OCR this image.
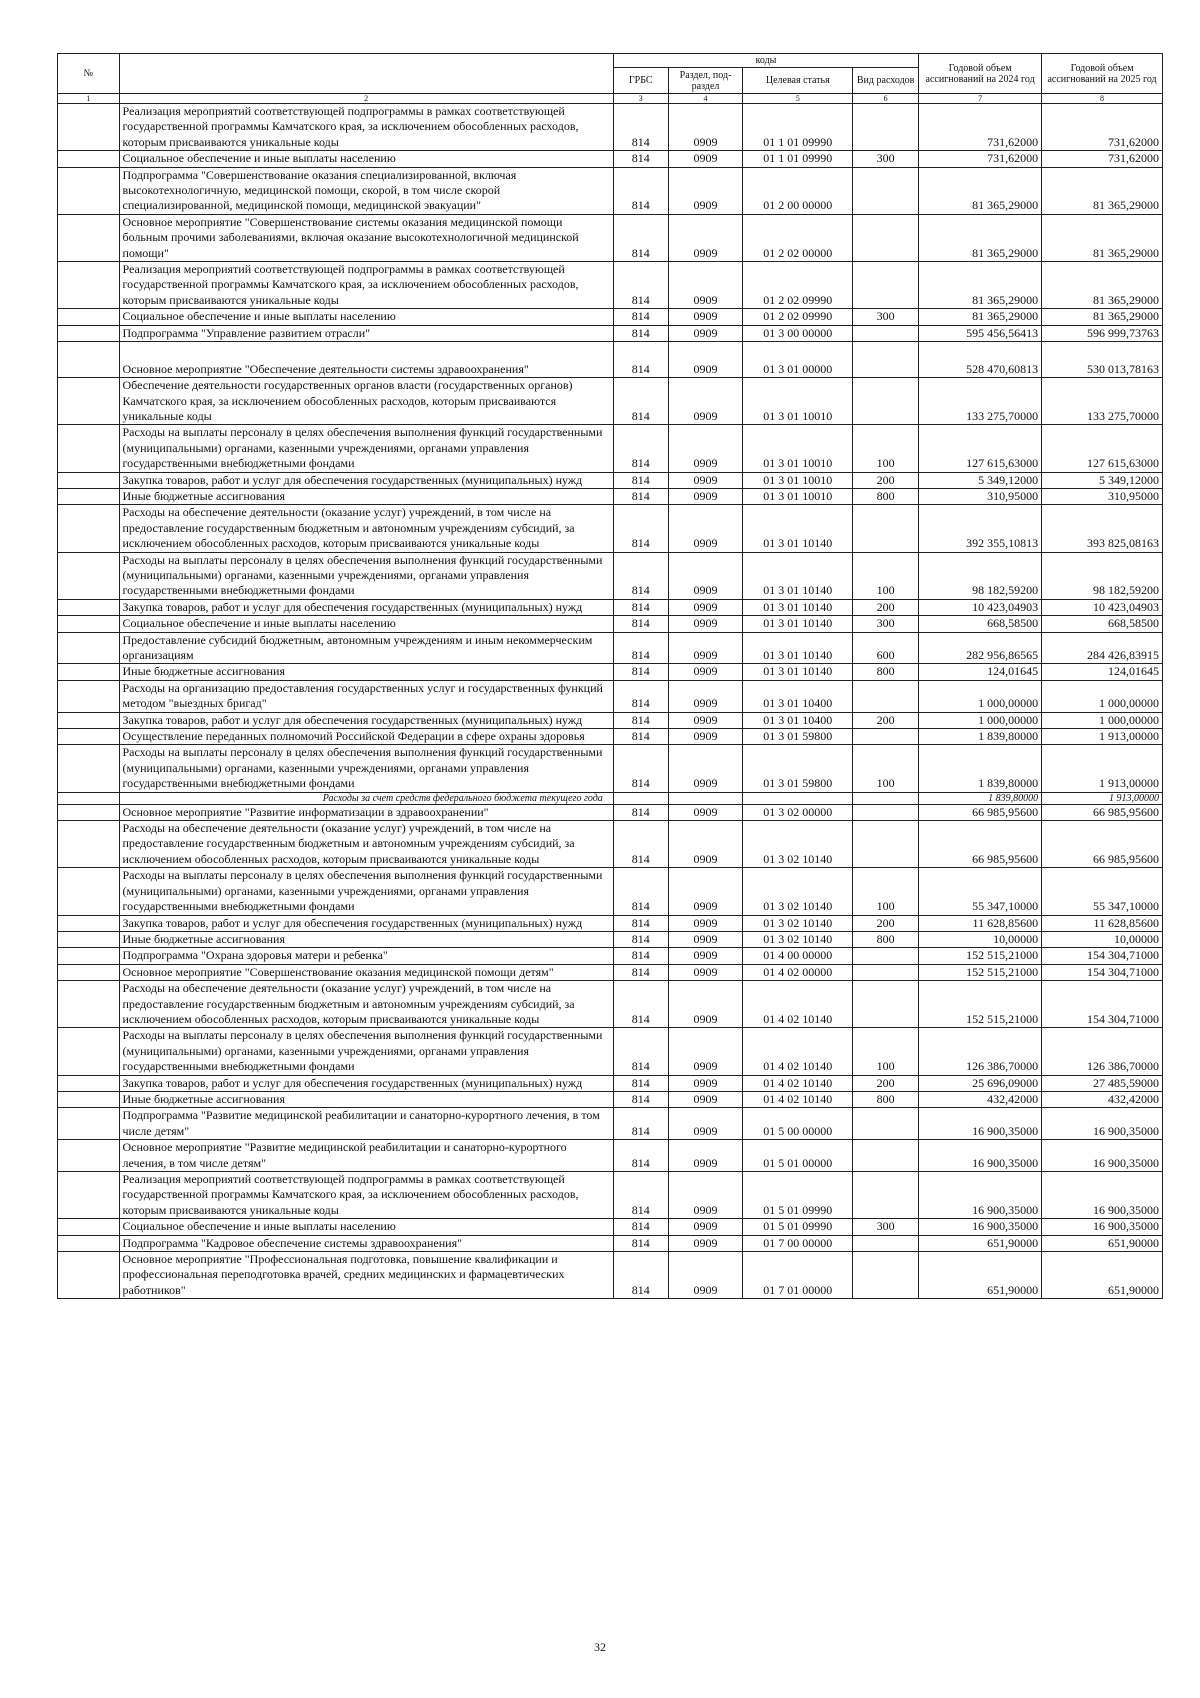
№		коды				Годовой объем ассигнований на 2024 год	Годовой объем ассигнований на 2025 год
		ГРБС	Раздел, под-раздел	Целевая статья	Вид расходов		
1	2	3	4	5	6	7	8
	Реализация мероприятий соответствующей подпрограммы в рамках соответствующей государственной программы Камчатского края, за исключением обособленных расходов, которым присваиваются уникальные коды	814	0909	01 1 01 09990		731,62000	731,62000
	Социальное обеспечение и иные выплаты населению	814	0909	01 1 01 09990	300	731,62000	731,62000
	Подпрограмма "Совершенствование оказания специализированной, включая высокотехнологичную, медицинской помощи, скорой, в том числе скорой специализированной, медицинской помощи, медицинской эвакуации"	814	0909	01 2 00 00000		81 365,29000	81 365,29000
	Основное мероприятие "Совершенствование системы оказания медицинской помощи больным прочими заболеваниями, включая оказание высокотехнологичной медицинской помощи"	814	0909	01 2 02 00000		81 365,29000	81 365,29000
	Реализация мероприятий соответствующей подпрограммы в рамках соответствующей государственной программы Камчатского края, за исключением обособленных расходов, которым присваиваются уникальные коды	814	0909	01 2 02 09990		81 365,29000	81 365,29000
	Социальное обеспечение и иные выплаты населению	814	0909	01 2 02 09990	300	81 365,29000	81 365,29000
	Подпрограмма "Управление развитием отрасли"	814	0909	01 3 00 00000		595 456,56413	596 999,73763
	Основное мероприятие "Обеспечение деятельности системы здравоохранения"	814	0909	01 3 01 00000		528 470,60813	530 013,78163
	Обеспечение деятельности государственных органов власти (государственных органов) Камчатского края, за исключением обособленных расходов, которым присваиваются уникальные коды	814	0909	01 3 01 10010		133 275,70000	133 275,70000
	Расходы на выплаты персоналу в целях обеспечения выполнения функций государственными (муниципальными) органами, казенными учреждениями, органами управления государственными внебюджетными фондами	814	0909	01 3 01 10010	100	127 615,63000	127 615,63000
	Закупка товаров, работ и услуг для обеспечения государственных (муниципальных) нужд	814	0909	01 3 01 10010	200	5 349,12000	5 349,12000
	Иные бюджетные ассигнования	814	0909	01 3 01 10010	800	310,95000	310,95000
	Расходы на обеспечение деятельности (оказание услуг) учреждений, в том числе на предоставление государственным бюджетным и автономным учреждениям субсидий, за исключением обособленных расходов, которым присваиваются уникальные коды	814	0909	01 3 01 10140		392 355,10813	393 825,08163
	Расходы на выплаты персоналу в целях обеспечения выполнения функций государственными (муниципальными) органами, казенными учреждениями, органами управления государственными внебюджетными фондами	814	0909	01 3 01 10140	100	98 182,59200	98 182,59200
	Закупка товаров, работ и услуг для обеспечения государственных (муниципальных) нужд	814	0909	01 3 01 10140	200	10 423,04903	10 423,04903
	Социальное обеспечение и иные выплаты населению	814	0909	01 3 01 10140	300	668,58500	668,58500
	Предоставление субсидий бюджетным, автономным учреждениям и иным некоммерческим организациям	814	0909	01 3 01 10140	600	282 956,86565	284 426,83915
	Иные бюджетные ассигнования	814	0909	01 3 01 10140	800	124,01645	124,01645
	Расходы на организацию предоставления государственных услуг и государственных функций методом "выездных бригад"	814	0909	01 3 01 10400		1 000,00000	1 000,00000
	Закупка товаров, работ и услуг для обеспечения государственных (муниципальных) нужд	814	0909	01 3 01 10400	200	1 000,00000	1 000,00000
	Осуществление переданных полномочий Российской Федерации в сфере охраны здоровья	814	0909	01 3 01 59800		1 839,80000	1 913,00000
	Расходы на выплаты персоналу в целях обеспечения выполнения функций государственными (муниципальными) органами, казенными учреждениями, органами управления государственными внебюджетными фондами	814	0909	01 3 01 59800	100	1 839,80000	1 913,00000
	Расходы за счет средств федерального бюджета текущего года					1 839,80000	1 913,00000
	Основное мероприятие "Развитие информатизации в здравоохранении"	814	0909	01 3 02 00000		66 985,95600	66 985,95600
	Расходы на обеспечение деятельности (оказание услуг) учреждений, в том числе на предоставление государственным бюджетным и автономным учреждениям субсидий, за исключением обособленных расходов, которым присваиваются уникальные коды	814	0909	01 3 02 10140		66 985,95600	66 985,95600
	Расходы на выплаты персоналу в целях обеспечения выполнения функций государственными (муниципальными) органами, казенными учреждениями, органами управления государственными внебюджетными фондами	814	0909	01 3 02 10140	100	55 347,10000	55 347,10000
	Закупка товаров, работ и услуг для обеспечения государственных (муниципальных) нужд	814	0909	01 3 02 10140	200	11 628,85600	11 628,85600
	Иные бюджетные ассигнования	814	0909	01 3 02 10140	800	10,00000	10,00000
	Подпрограмма "Охрана здоровья матери и ребенка"	814	0909	01 4 00 00000		152 515,21000	154 304,71000
	Основное мероприятие "Совершенствование оказания медицинской помощи детям"	814	0909	01 4 02 00000		152 515,21000	154 304,71000
	Расходы на обеспечение деятельности (оказание услуг) учреждений, в том числе на предоставление государственным бюджетным и автономным учреждениям субсидий, за исключением обособленных расходов, которым присваиваются уникальные коды	814	0909	01 4 02 10140		152 515,21000	154 304,71000
	Расходы на выплаты персоналу в целях обеспечения выполнения функций государственными (муниципальными) органами, казенными учреждениями, органами управления государственными внебюджетными фондами	814	0909	01 4 02 10140	100	126 386,70000	126 386,70000
	Закупка товаров, работ и услуг для обеспечения государственных (муниципальных) нужд	814	0909	01 4 02 10140	200	25 696,09000	27 485,59000
	Иные бюджетные ассигнования	814	0909	01 4 02 10140	800	432,42000	432,42000
	Подпрограмма "Развитие медицинской реабилитации и санаторно-курортного лечения, в том числе детям"	814	0909	01 5 00 00000		16 900,35000	16 900,35000
	Основное мероприятие "Развитие медицинской реабилитации и санаторно-курортного лечения, в том числе детям"	814	0909	01 5 01 00000		16 900,35000	16 900,35000
	Реализация мероприятий соответствующей подпрограммы в рамках соответствующей государственной программы Камчатского края, за исключением обособленных расходов, которым присваиваются уникальные коды	814	0909	01 5 01 09990		16 900,35000	16 900,35000
	Социальное обеспечение и иные выплаты населению	814	0909	01 5 01 09990	300	16 900,35000	16 900,35000
	Подпрограмма "Кадровое обеспечение системы здравоохранения"	814	0909	01 7 00 00000		651,90000	651,90000
	Основное мероприятие "Профессиональная подготовка, повышение квалификации и профессиональная переподготовка врачей, средних медицинских и фармацевтических работников"	814	0909	01 7 01 00000		651,90000	651,90000
32
